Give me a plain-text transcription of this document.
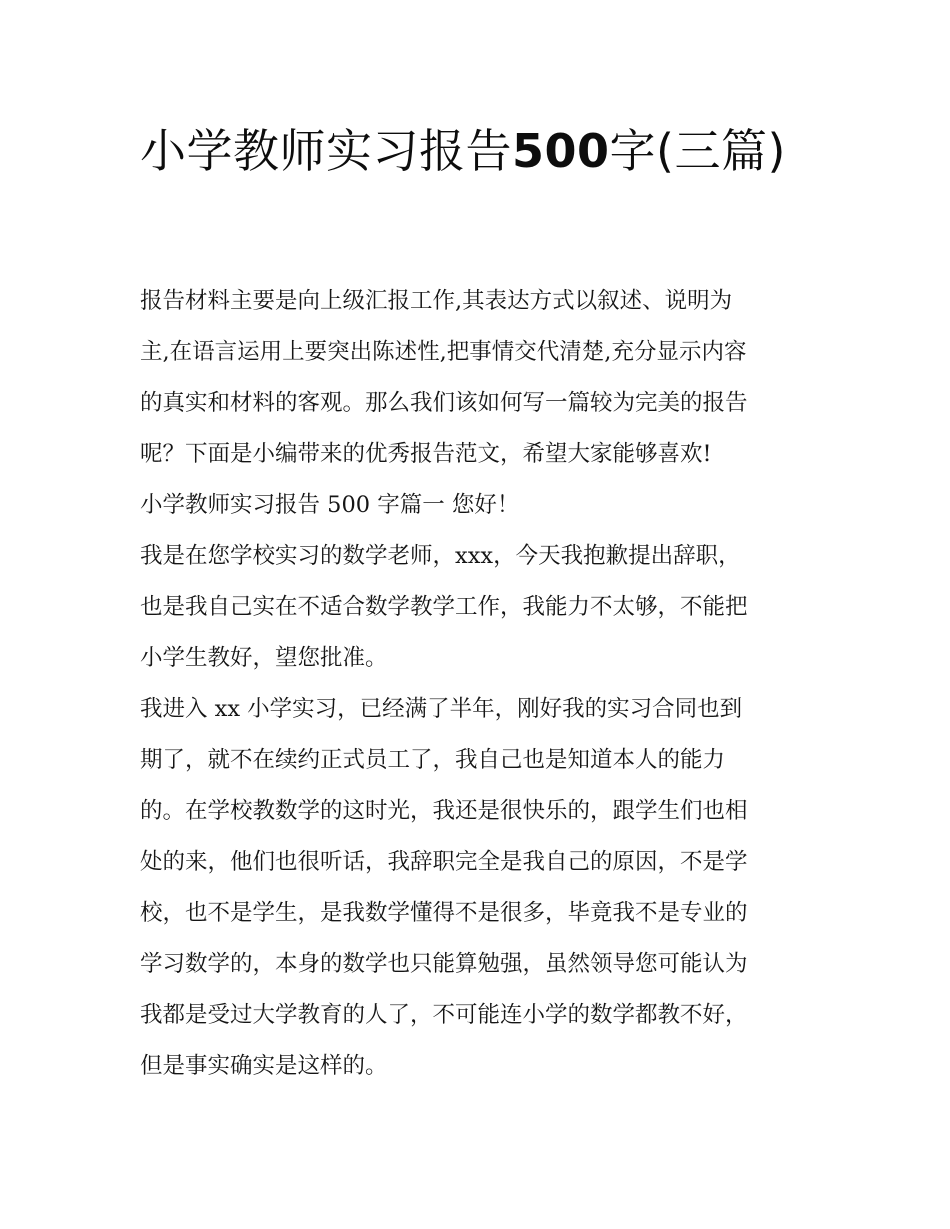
小学教师实习报告500字(三篇)

报告材料主要是向上级汇报工作,其表达方式以叙述、说明为
主,在语言运用上要突出陈述性,把事情交代清楚,充分显示内容
的真实和材料的客观。那么我们该如何写一篇较为完美的报告
呢？下面是小编带来的优秀报告范文，希望大家能够喜欢!

小学教师实习报告 500 字篇一 您好！

我是在您学校实习的数学老师，xxx，今天我抱歉提出辞职，
也是我自己实在不适合数学教学工作，我能力不太够，不能把
小学生教好，望您批准。

我进入 xx 小学实习，已经满了半年，刚好我的实习合同也到
期了，就不在续约正式员工了，我自己也是知道本人的能力
的。在学校教数学的这时光，我还是很快乐的，跟学生们也相
处的来，他们也很听话，我辞职完全是我自己的原因，不是学
校，也不是学生，是我数学懂得不是很多，毕竟我不是专业的
学习数学的，本身的数学也只能算勉强，虽然领导您可能认为
我都是受过大学教育的人了，不可能连小学的数学都教不好，
但是事实确实是这样的。
